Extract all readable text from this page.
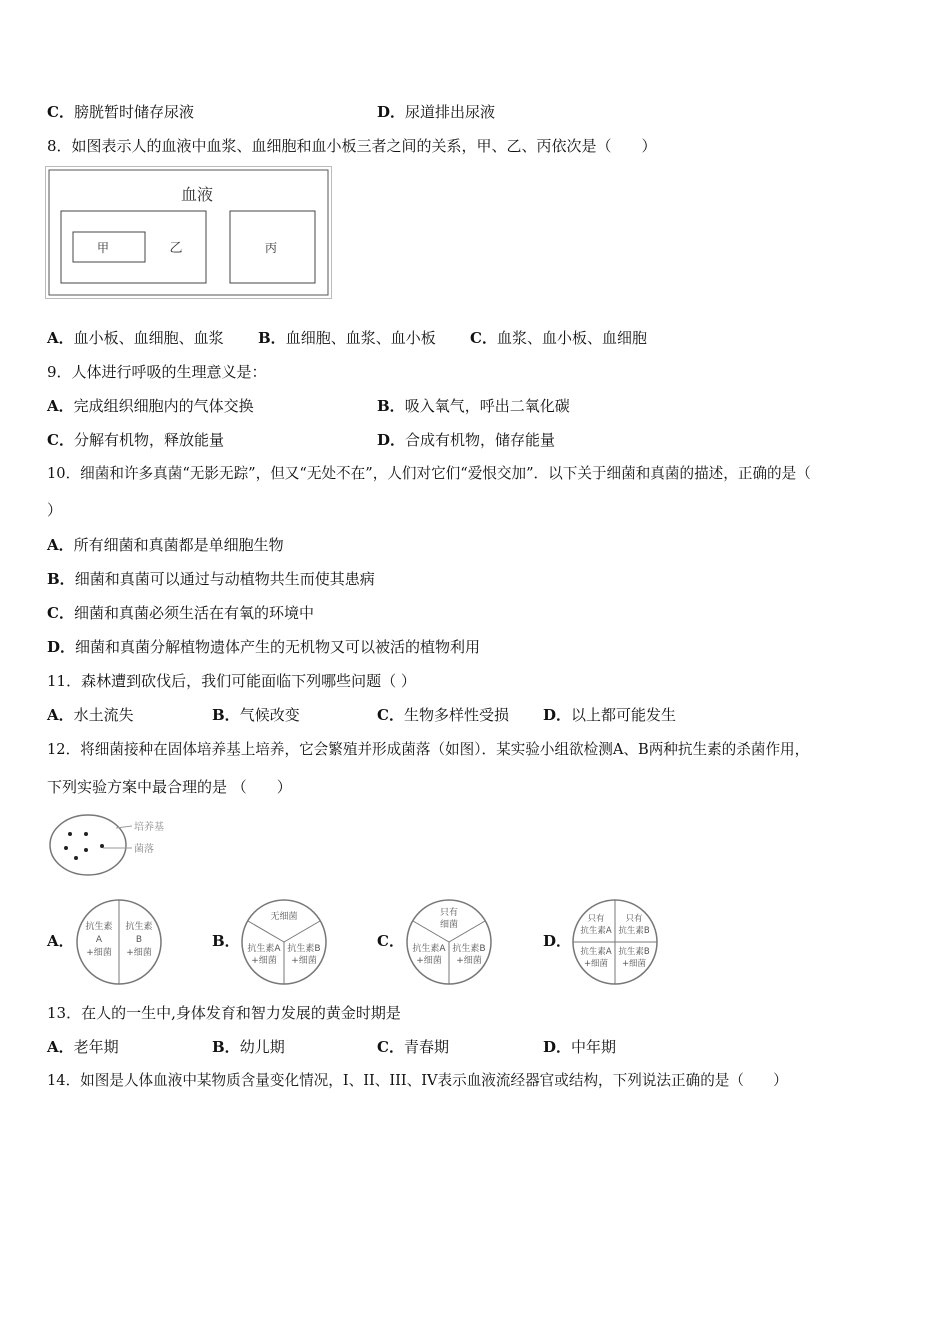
C．膀胱暂时储存尿液	D．尿道排出尿液
8．如图表示人的血液中血浆、血细胞和血小板三者之间的关系，甲、乙、丙依次是（　　）
血液
甲	乙	丙
A．血小板、血细胞、血浆 B．血细胞、血浆、血小板 C．血浆、血小板、血细胞
9．人体进行呼吸的生理意义是：
A．完成组织细胞内的气体交换	B．吸入氧气，呼出二氧化碳
C．分解有机物，释放能量	D．合成有机物，储存能量
10．细菌和许多真菌“无影无踪”，但又“无处不在”，人们对它们“爱恨交加”．以下关于细菌和真菌的描述，正确的是（
）
A．所有细菌和真菌都是单细胞生物
B．细菌和真菌可以通过与动植物共生而使其患病
C．细菌和真菌必须生活在有氧的环境中
D．细菌和真菌分解植物遗体产生的无机物又可以被活的植物利用
11．森林遭到砍伐后，我们可能面临下列哪些问题（ ）
A．水土流失	B．气候改变	C．生物多样性受损 D．以上都可能发生
12．将细菌接种在固体培养基上培养，它会繁殖并形成菌落（如图）．某实验小组欲检测A、B两种抗生素的杀菌作用，
下列实验方案中最合理的是 （　　）
培养基
菌落
A．
抗生素
A
+细菌
抗生素
B
+细菌
B．
无细菌
抗生素A
+细菌
抗生素B
+细菌
C．
只有
细菌
抗生素A
+细菌
抗生素B
+细菌
D．
只有
抗生素A
只有
抗生素B
抗生素A
+细菌
抗生素B
+细菌
13．在人的一生中,身体发育和智力发展的黄金时期是
A．老年期	B．幼儿期	C．青春期	D．中年期
14．如图是人体血液中某物质含量变化情况，I、II、III、IV表示血液流经器官或结构，下列说法正确的是（　　）
